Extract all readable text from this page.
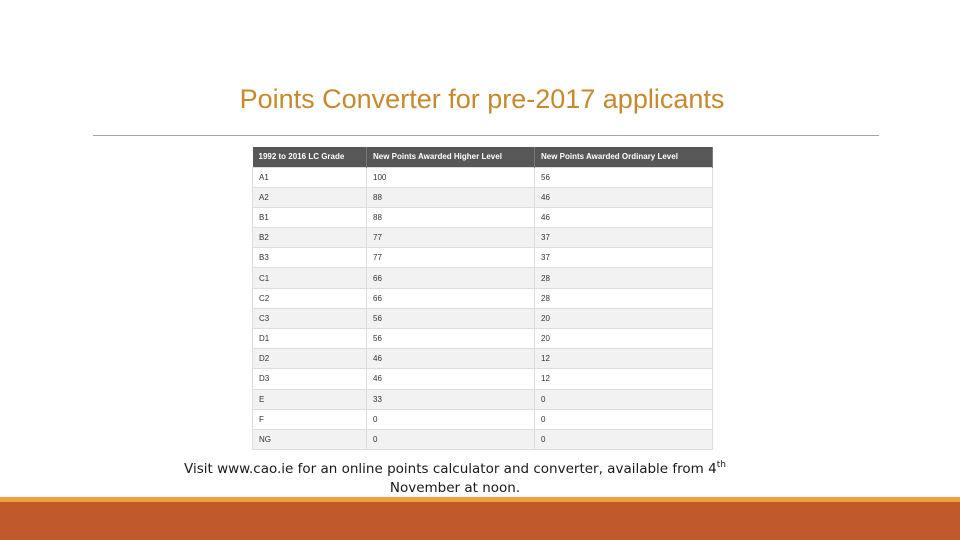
Points Converter for pre-2017 applicants
1992 to 2016 LC Grade	New Points Awarded Higher Level	New Points Awarded Ordinary Level
A1	100	56
A2	88	46
B1	88	46
B2	77	37
B3	77	37
C1	66	28
C2	66	28
C3	56	20
D1	56	20
D2	46	12
D3	46	12
E	33	0
F	0	0
NG	0	0
Visit www.cao.ie for an online points calculator and converter, available from 4th
November at noon.
